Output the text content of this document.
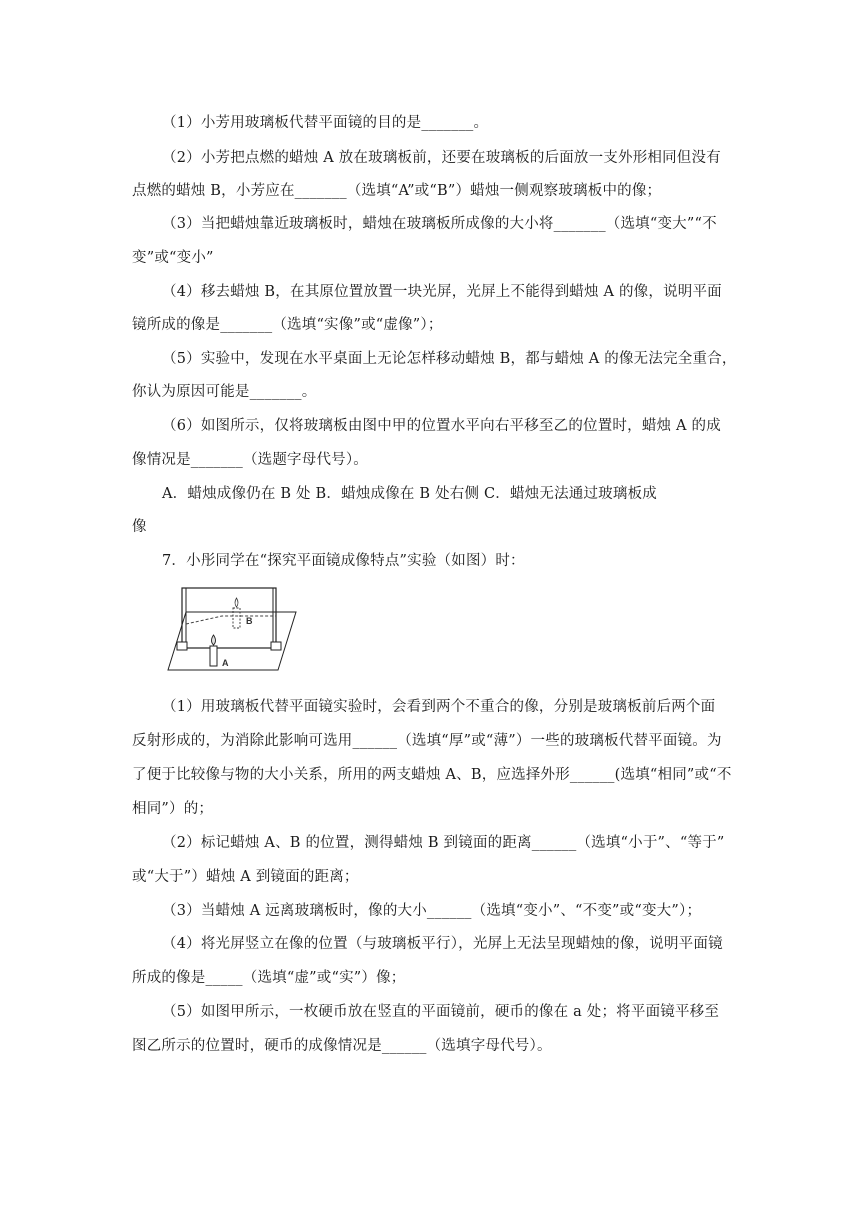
（1）小芳用玻璃板代替平面镜的目的是_______。
（2）小芳把点燃的蜡烛 A 放在玻璃板前，还要在玻璃板的后面放一支外形相同但没有
点燃的蜡烛 B，小芳应在_______（选填“A”或“B”）蜡烛一侧观察玻璃板中的像；
（3）当把蜡烛靠近玻璃板时，蜡烛在玻璃板所成像的大小将_______（选填“变大”“不
变”或“变小”
（4）移去蜡烛 B，在其原位置放置一块光屏，光屏上不能得到蜡烛 A 的像，说明平面
镜所成的像是_______（选填“实像”或“虚像”）；
（5）实验中，发现在水平桌面上无论怎样移动蜡烛 B，都与蜡烛 A 的像无法完全重合，
你认为原因可能是_______。
（6）如图所示，仅将玻璃板由图中甲的位置水平向右平移至乙的位置时，蜡烛 A 的成
像情况是_______（选题字母代号）。
A．蜡烛成像仍在 B 处 B．蜡烛成像在 B 处右侧 C．蜡烛无法通过玻璃板成
像
7．小彤同学在“探究平面镜成像特点”实验（如图）时：
B
A
（1）用玻璃板代替平面镜实验时，会看到两个不重合的像，分别是玻璃板前后两个面
反射形成的，为消除此影响可选用______（选填“厚”或“薄”）一些的玻璃板代替平面镜。为
了便于比较像与物的大小关系，所用的两支蜡烛 A、B，应选择外形______(选填“相同”或“不
相同”）的；
（2）标记蜡烛 A、B 的位置，测得蜡烛 B 到镜面的距离______（选填“小于”、“等于”
或“大于”）蜡烛 A 到镜面的距离；
（3）当蜡烛 A 远离玻璃板时，像的大小______（选填“变小”、“不变”或“变大”）；
（4）将光屏竖立在像的位置（与玻璃板平行），光屏上无法呈现蜡烛的像，说明平面镜
所成的像是_____（选填“虚”或“实”）像；
（5）如图甲所示，一枚硬币放在竖直的平面镜前，硬币的像在 a 处；将平面镜平移至
图乙所示的位置时，硬币的成像情况是______（选填字母代号）。
